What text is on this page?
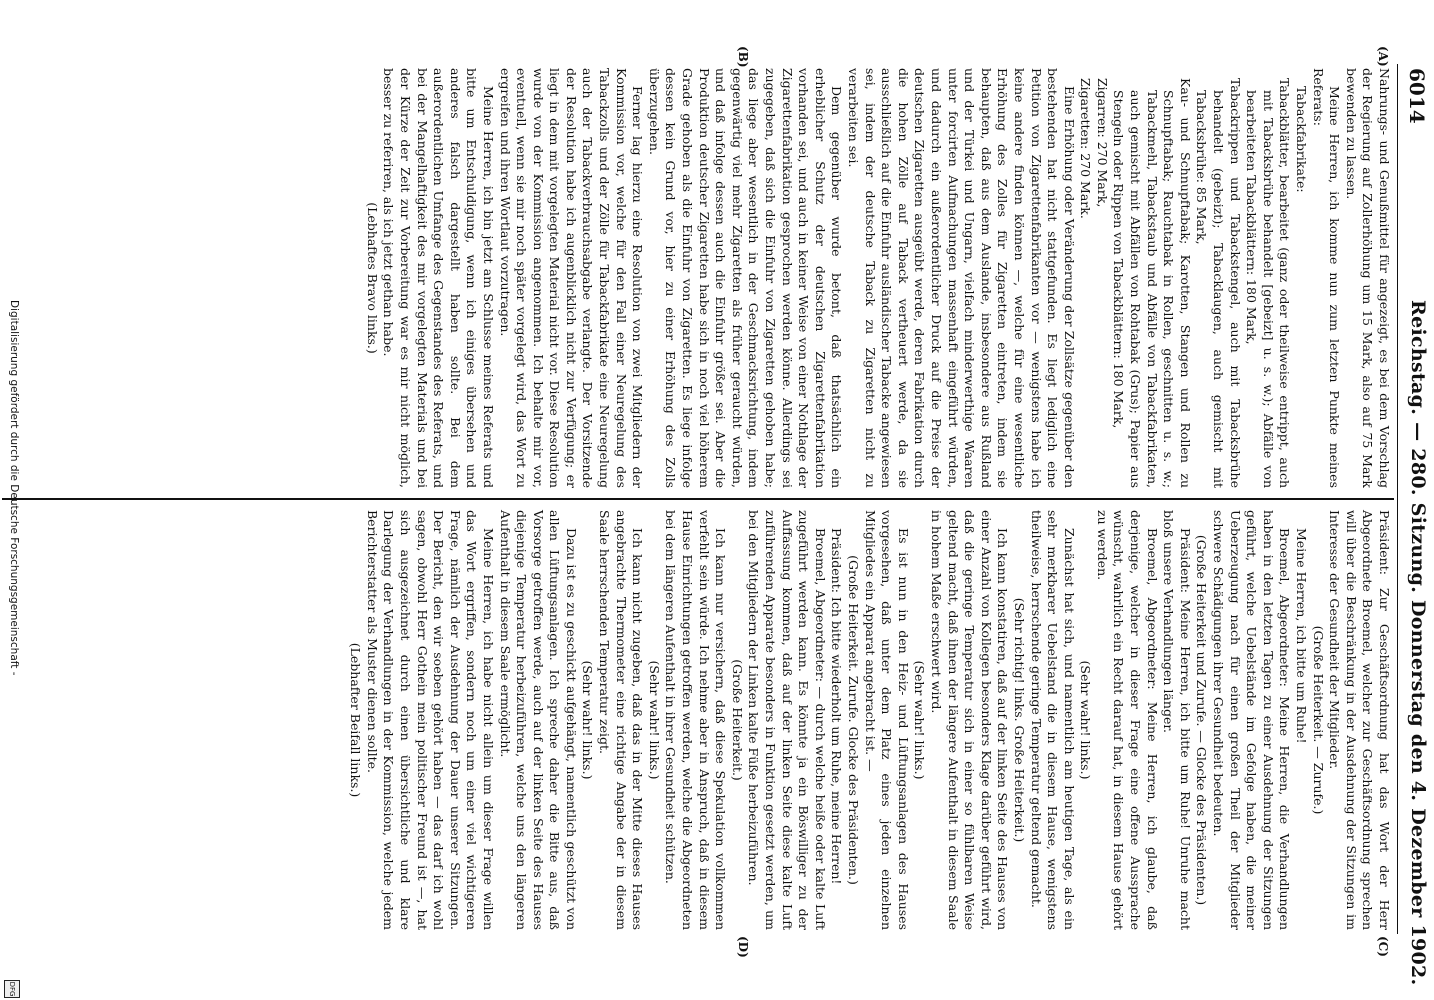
6014
Reichstag. — 280. Sitzung. Donnerstag den 4. Dezember 1902.
(A)
(B)
(C)
(D)

Nahrungs- und Genußmittel für angezeigt, es bei dem Vorschlag der Regierung auf Zollerhöhung um 15 Mark, also auf 75 Mark bewenden zu lassen.

Meine Herren, ich komme nun zum letzten Punkte meines Referats:

Tabackfabrikate:

Tabackblätter, bearbeitet (ganz oder theilweise entrippt, auch mit Tabacksbrühe behandelt [gebeizt] u. s. w.); Abfälle von bearbeiteten Tabackblättern: 180 Mark,

Tabackrippen und Tabackstengel, auch mit Tabacksbrühe behandelt (gebeizt); Tabacklaugen, auch gemischt mit Tabacksbrühe: 85 Mark,

Kau- und Schnupftabak; Karotten, Stangen und Rollen zu Schnupftabak; Rauchtabak in Rollen, geschnitten u. s. w.; Tabackmehl, Tabackstaub und Abfälle von Tabackfabrikaten, auch gemischt mit Abfällen von Rohtabak (Grus); Papier aus Stengeln oder Rippen von Tabackblättern: 180 Mark,

Zigarren: 270 Mark,

Zigaretten: 270 Mark.

Eine Erhöhung oder Veränderung der Zollsätze gegenüber den bestehenden hat nicht stattgefunden. Es liegt lediglich eine Petition von Zigarettenfabrikanten vor — wenigstens habe ich keine andere finden können —, welche für eine wesentliche Erhöhung des Zolles für Zigaretten eintreten, indem sie behaupten, daß aus dem Auslande, insbesondere aus Rußland und der Türkei und Ungarn, vielfach minderwerthige Waaren unter forcirten Aufmachungen massenhaft eingeführt würden, und dadurch ein außerordentlicher Druck auf die Preise der deutschen Zigaretten ausgeübt werde, deren Fabrikation durch die hohen Zölle auf Taback vertheuert werde, da sie ausschließlich auf die Einfuhr ausländischer Tabacke angewiesen sei, indem der deutsche Taback zu Zigaretten nicht zu verarbeiten sei.

Dem gegenüber wurde betont, daß thatsächlich ein erheblicher Schutz der deutschen Zigarettenfabrikation vorhanden sei, und auch in keiner Weise von einer Nothlage der Zigarettenfabrikation gesprochen werden könne. Allerdings sei zugegeben, daß sich die Einfuhr von Zigaretten gehoben habe; das liege aber wesentlich in der Geschmacksrichtung, indem gegenwärtig viel mehr Zigaretten als früher geraucht würden, und daß infolge dessen auch die Einfuhr größer sei. Aber die Produktion deutscher Zigaretten habe sich in noch viel höherem Grade gehoben als die Einfuhr von Zigaretten. Es liege infolge dessen kein Grund vor, hier zu einer Erhöhung des Zolls überzugehen.

Ferner lag hierzu eine Resolution von zwei Mitgliedern der Kommission vor, welche für den Fall einer Neuregelung des Tabackzolls und der Zölle für Tabackfabrikate eine Neuregelung auch der Tabackverbrauchsabgabe verlangte. Der Vorsitzende der Resolution habe ich augenblicklich nicht zur Verfügung; er liegt in dem mit vorgelegten Material nicht vor. Diese Resolution wurde von der Kommission angenommen. Ich behalte mir vor, eventuell, wenn sie mir noch später vorgelegt wird, das Wort zu ergreifen und ihren Wortlaut vorzutragen.

Meine Herren, ich bin jetzt am Schlusse meines Referats und bitte um Entschuldigung, wenn ich einiges übersehen und anderes falsch dargestellt haben sollte. Bei dem außerordentlichen Umfange des Gegenstandes des Referats, und bei der Mangelhaftigkeit des mir vorgelegten Materials und bei der Kürze der Zeit zur Vorbereitung war es mir nicht möglich, besser zu referiren, als ich jetzt gethan habe.

(Lebhaftes Bravo links.)

Präsident: Zur Geschäftsordnung hat das Wort der Herr Abgeordnete Broemel, welcher zur Geschäftsordnung sprechen will über die Beschränkung in der Ausdehnung der Sitzungen im Interesse der Gesundheit der Mitglieder.

(Große Heiterkeit. — Zurufe.)

Meine Herren, ich bitte um Ruhe!

Broemel, Abgeordneter: Meine Herren, die Verhandlungen haben in den letzten Tagen zu einer Ausdehnung der Sitzungen geführt, welche Uebelstände im Gefolge haben, die meiner Ueberzeugung nach für einen großen Theil der Mitglieder schwere Schädigungen ihrer Gesundheit bedeuten.

(Große Heiterkeit und Zurufe. — Glocke des Präsidenten.)

Präsident: Meine Herren, ich bitte um Ruhe! Unruhe macht bloß unsere Verhandlungen länger.

Broemel, Abgeordneter: Meine Herren, ich glaube, daß derjenige, welcher in dieser Frage eine offene Aussprache wünscht, wahrlich ein Recht darauf hat, in diesem Hause gehört zu werden.

(Sehr wahr! links.)

Zunächst hat sich, und namentlich am heutigen Tage, als ein sehr merkbarer Uebelstand die in diesem Hause, wenigstens theilweise, herrschende geringe Temperatur geltend gemacht.

(Sehr richtig! links. Große Heiterkeit.)

Ich kann konstatiren, daß auf der linken Seite des Hauses von einer Anzahl von Kollegen besonders Klage darüber geführt wird, daß die geringe Temperatur sich in einer so fühlbaren Weise geltend macht, daß ihnen der längere Aufenthalt in diesem Saale in hohem Maße erschwert wird.

(Sehr wahr! links.)

Es ist nun in den Heiz- und Lüftungsanlagen des Hauses vorgesehen, daß unter dem Platz eines jeden einzelnen Mitgliedes ein Apparat angebracht ist. —

(Große Heiterkeit. Zurufe. Glocke des Präsidenten.)

Präsident: Ich bitte wiederholt um Ruhe, meine Herren!

Broemel, Abgeordneter: — durch welche heiße oder kalte Luft zugeführt werden kann. Es könnte ja ein Böswilliger zu der Auffassung kommen, daß auf der linken Seite diese kalte Luft zuführenden Apparate besonders in Funktion gesetzt werden, um bei den Mitgliedern der Linken kalte Füße herbeizuführen.

(Große Heiterkeit.)

Ich kann nur versichern, daß diese Spekulation vollkommen verfehlt sein würde. Ich nehme aber in Anspruch, daß in diesem Hause Einrichtungen getroffen werden, welche die Abgeordneten bei dem längeren Aufenthalt in ihrer Gesundheit schützen.

(Sehr wahr! links.)

Ich kann nicht zugeben, daß das in der Mitte dieses Hauses angebrachte Thermometer eine richtige Angabe der in diesem Saale herrschenden Temperatur zeigt.

(Sehr wahr! links.)

Dazu ist es zu geschickt aufgehängt, namentlich geschützt von allen Lüftungsanlagen. Ich spreche daher die Bitte aus, daß Vorsorge getroffen werde, auch auf der linken Seite des Hauses diejenige Temperatur herbeizuführen, welche uns den längeren Aufenthalt in diesem Saale ermöglicht.

Meine Herren, ich habe nicht allein um dieser Frage willen das Wort ergriffen, sondern noch um einer viel wichtigeren Frage, nämlich der Ausdehnung der Dauer unserer Sitzungen. Der Bericht, den wir soeben gehört haben — das darf ich wohl sagen, obwohl Herr Gothein mein politischer Freund ist —, hat sich ausgezeichnet durch einen übersichtliche und klare Darlegung der Verhandlungen in der Kommission, welche jedem Berichterstatter als Muster dienen sollte.

(Lebhafter Beifall links.)

Digitalisierung gefördert durch die Deutsche Forschungsgemeinschaft -
DFG
